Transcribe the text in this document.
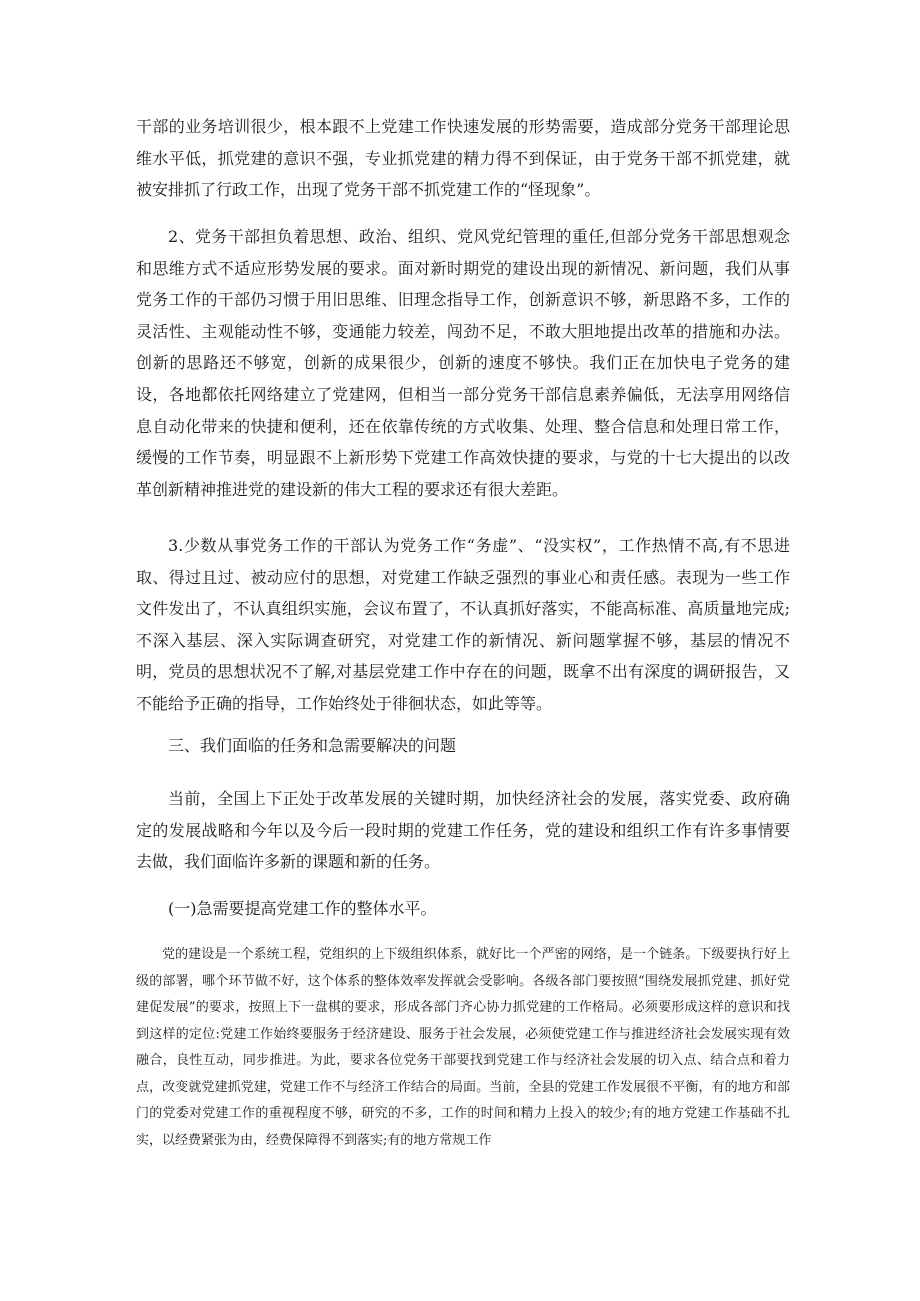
干部的业务培训很少，根本跟不上党建工作快速发展的形势需要，造成部分党务干部理论思维水平低，抓党建的意识不强，专业抓党建的精力得不到保证，由于党务干部不抓党建，就被安排抓了行政工作，出现了党务干部不抓党建工作的“怪现象”。

2、党务干部担负着思想、政治、组织、党风党纪管理的重任,但部分党务干部思想观念和思维方式不适应形势发展的要求。面对新时期党的建设出现的新情况、新问题，我们从事党务工作的干部仍习惯于用旧思维、旧理念指导工作，创新意识不够，新思路不多，工作的灵活性、主观能动性不够，变通能力较差，闯劲不足，不敢大胆地提出改革的措施和办法。创新的思路还不够宽，创新的成果很少，创新的速度不够快。我们正在加快电子党务的建设，各地都依托网络建立了党建网，但相当一部分党务干部信息素养偏低，无法享用网络信息自动化带来的快捷和便利，还在依靠传统的方式收集、处理、整合信息和处理日常工作，缓慢的工作节奏，明显跟不上新形势下党建工作高效快捷的要求，与党的十七大提出的以改革创新精神推进党的建设新的伟大工程的要求还有很大差距。

3.少数从事党务工作的干部认为党务工作“务虚”、“没实权”，工作热情不高,有不思进取、得过且过、被动应付的思想，对党建工作缺乏强烈的事业心和责任感。表现为一些工作文件发出了，不认真组织实施，会议布置了，不认真抓好落实，不能高标准、高质量地完成;不深入基层、深入实际调查研究，对党建工作的新情况、新问题掌握不够，基层的情况不明，党员的思想状况不了解,对基层党建工作中存在的问题，既拿不出有深度的调研报告，又不能给予正确的指导，工作始终处于徘徊状态，如此等等。

三、我们面临的任务和急需要解决的问题

当前，全国上下正处于改革发展的关键时期，加快经济社会的发展，落实党委、政府确定的发展战略和今年以及今后一段时期的党建工作任务，党的建设和组织工作有许多事情要去做，我们面临许多新的课题和新的任务。

(一)急需要提高党建工作的整体水平。

党的建设是一个系统工程，党组织的上下级组织体系，就好比一个严密的网络，是一个链条。下级要执行好上级的部署，哪个环节做不好，这个体系的整体效率发挥就会受影响。各级各部门要按照“围绕发展抓党建、抓好党建促发展”的要求，按照上下一盘棋的要求，形成各部门齐心协力抓党建的工作格局。必须要形成这样的意识和找到这样的定位:党建工作始终要服务于经济建设、服务于社会发展，必须使党建工作与推进经济社会发展实现有效融合，良性互动，同步推进。为此，要求各位党务干部要找到党建工作与经济社会发展的切入点、结合点和着力点，改变就党建抓党建，党建工作不与经济工作结合的局面。当前，全县的党建工作发展很不平衡，有的地方和部门的党委对党建工作的重视程度不够，研究的不多，工作的时间和精力上投入的较少;有的地方党建工作基础不扎实，以经费紧张为由，经费保障得不到落实;有的地方常规工作
